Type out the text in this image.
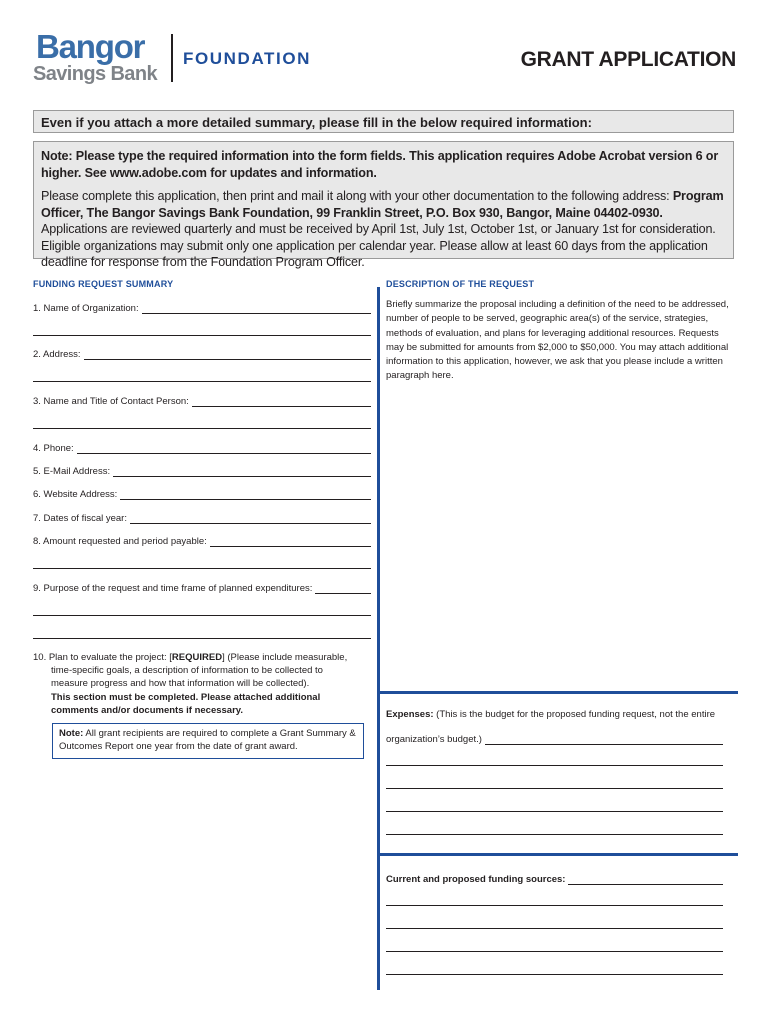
Bangor
Savings Bank
FOUNDATION	GRANT APPLICATION
Even if you attach a more detailed summary, please fill in the below required information:

Note: Please type the required information into the form fields. This application requires Adobe Acrobat version 6 or higher. See www.adobe.com for updates and information.

Please complete this application, then print and mail it along with your other documentation to the following address: Program Officer, The Bangor Savings Bank Foundation, 99 Franklin Street, P.O. Box 930, Bangor, Maine 04402-0930. Applications are reviewed quarterly and must be received by April 1st, July 1st, October 1st, or January 1st for consideration. Eligible organizations may submit only one application per calendar year. Please allow at least 60 days from the application deadline for response from the Foundation Program Officer.

FUNDING REQUEST SUMMARY
1. Name of Organization:
2. Address:
3. Name and Title of Contact Person:
4. Phone:
5. E-Mail Address:
6. Website Address:
7. Dates of fiscal year:
8. Amount requested and period payable:
9. Purpose of the request and time frame of planned expenditures:
10. Plan to evaluate the project: [REQUIRED] (Please include measurable,
time-specific goals, a description of information to be collected to
measure progress and how that information will be collected).
This section must be completed. Please attached additional
comments and/or documents if necessary.
Note: All grant recipients are required to complete a Grant Summary & Outcomes Report one year from the date of grant award.
DESCRIPTION OF THE REQUEST
Briefly summarize the proposal including a definition of the need to be addressed, number of people to be served, geographic area(s) of the service, strategies, methods of evaluation, and plans for leveraging additional resources. Requests may be submitted for amounts from $2,000 to $50,000. You may attach additional information to this application, however, we ask that you please include a written paragraph here.
Expenses: (This is the budget for the proposed funding request, not the entire
organization’s budget.)
Current and proposed funding sources:
